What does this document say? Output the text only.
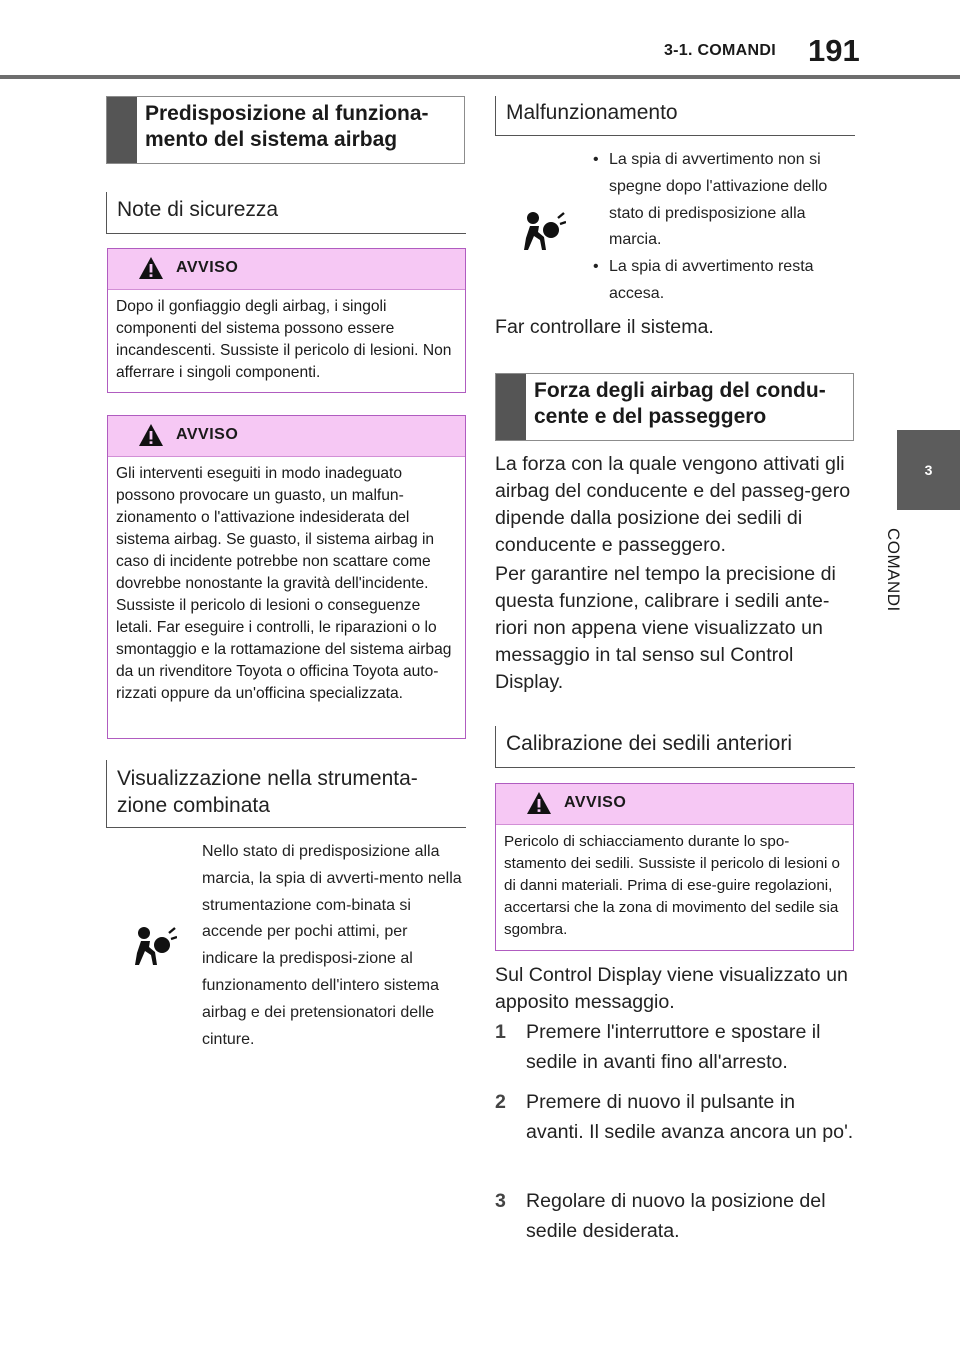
3-1. COMANDI 191
3
COMANDI
Predisposizione al funziona-
mento del sistema airbag
Note di sicurezza
AVVISO
Dopo il gonfiaggio degli airbag, i singoli componenti del sistema possono essere incandescenti. Sussiste il pericolo di lesioni. Non afferrare i singoli componenti.
AVVISO
Gli interventi eseguiti in modo inadeguato possono provocare un guasto, un malfun-zionamento o l'attivazione indesiderata del sistema airbag. Se guasto, il sistema airbag in caso di incidente potrebbe non scattare come dovrebbe nonostante la gravità dell'incidente. Sussiste il pericolo di lesioni o conseguenze letali. Far eseguire i controlli, le riparazioni o lo smontaggio e la rottamazione del sistema airbag da un rivenditore Toyota o officina Toyota auto-rizzati oppure da un'officina specializzata.
Visualizzazione nella strumenta-
zione combinata
Nello stato di predisposizione alla marcia, la spia di avverti-mento nella strumentazione com-binata si accende per pochi attimi, per indicare la predisposi-zione al funzionamento dell'intero sistema airbag e dei pretensionatori delle cinture.
Malfunzionamento
• La spia di avvertimento non si spegne dopo l'attivazione dello stato di predisposizione alla marcia.
• La spia di avvertimento resta accesa.
Far controllare il sistema.
Forza degli airbag del condu-
cente e del passeggero
La forza con la quale vengono attivati gli airbag del conducente e del passeg-gero dipende dalla posizione dei sedili di conducente e passeggero.
Per garantire nel tempo la precisione di questa funzione, calibrare i sedili ante-riori non appena viene visualizzato un messaggio in tal senso sul Control Display.
Calibrazione dei sedili anteriori
AVVISO
Pericolo di schiacciamento durante lo spo-stamento dei sedili. Sussiste il pericolo di lesioni o di danni materiali. Prima di ese-guire regolazioni, accertarsi che la zona di movimento del sedile sia sgombra.
Sul Control Display viene visualizzato un apposito messaggio.
1 Premere l'interruttore e spostare il sedile in avanti fino all'arresto.
2 Premere di nuovo il pulsante in avanti. Il sedile avanza ancora un po'.
3 Regolare di nuovo la posizione del sedile desiderata.
